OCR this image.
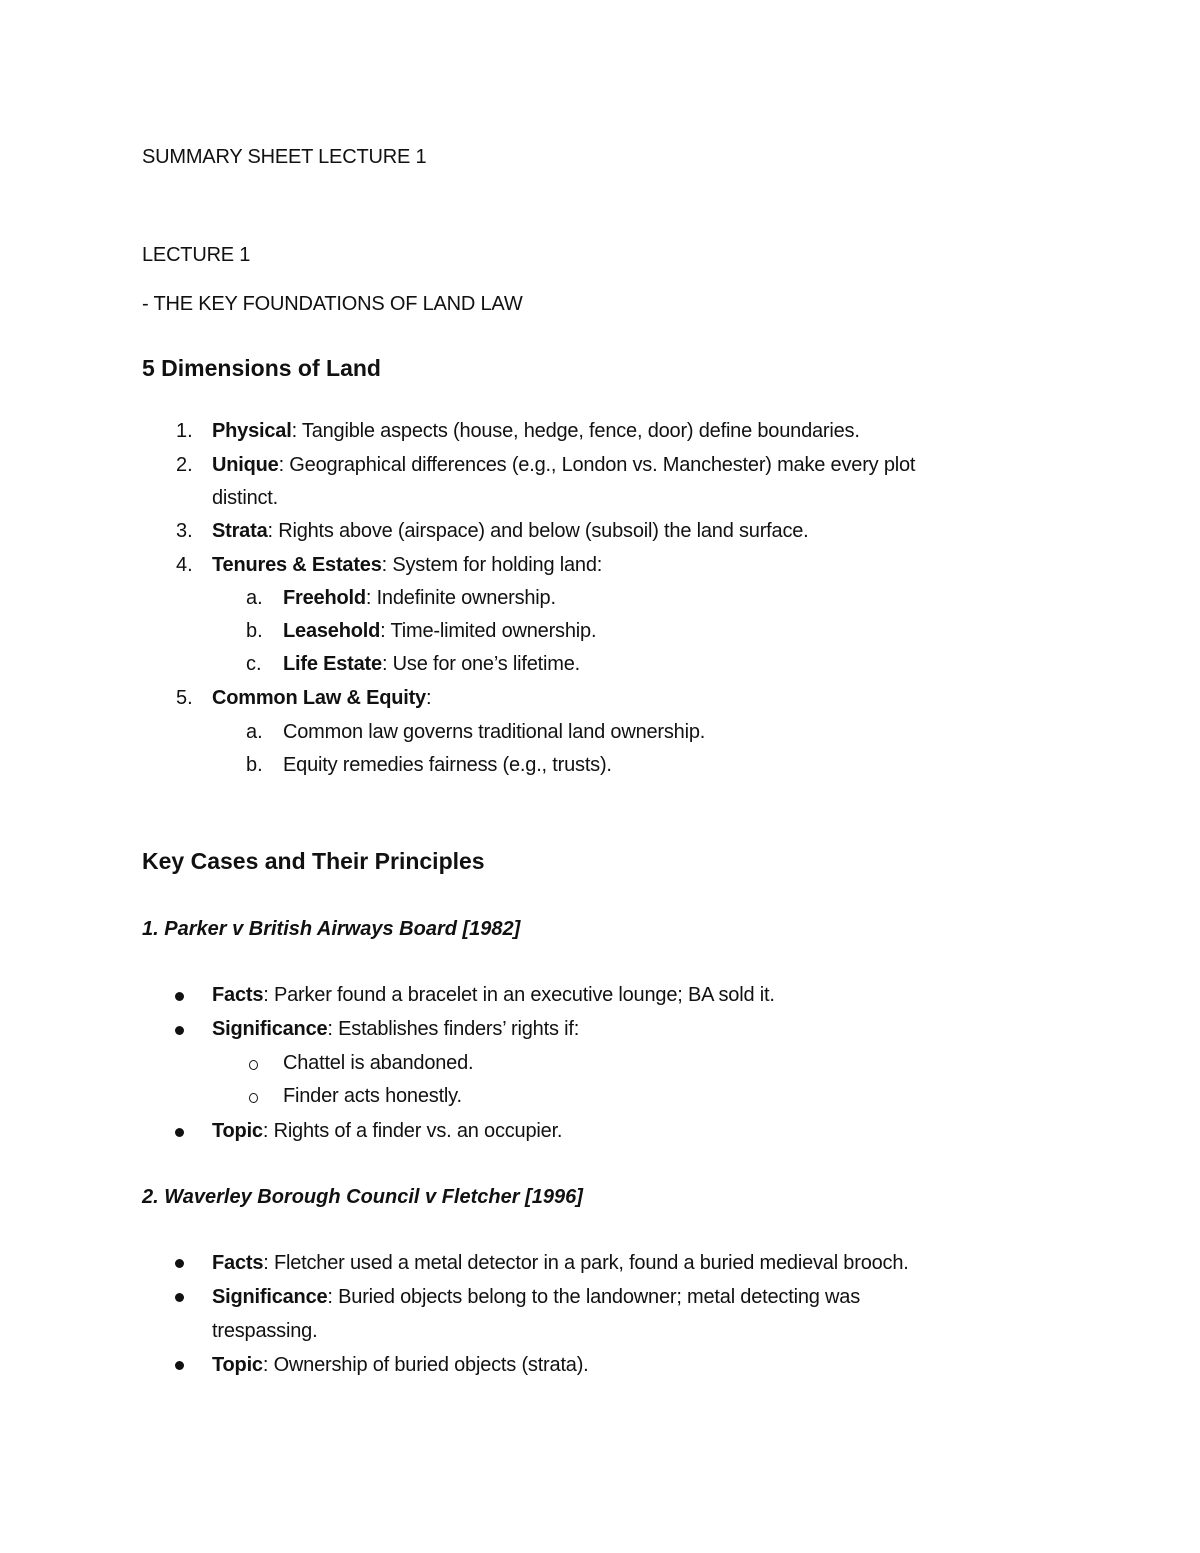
SUMMARY SHEET LECTURE 1
LECTURE 1
- THE KEY FOUNDATIONS OF LAND LAW
5 Dimensions of Land
1. Physical: Tangible aspects (house, hedge, fence, door) define boundaries.
2. Unique: Geographical differences (e.g., London vs. Manchester) make every plot
distinct.
3. Strata: Rights above (airspace) and below (subsoil) the land surface.
4. Tenures & Estates: System for holding land:
a. Freehold: Indefinite ownership.
b. Leasehold: Time-limited ownership.
c. Life Estate: Use for one’s lifetime.
5. Common Law & Equity:
a. Common law governs traditional land ownership.
b. Equity remedies fairness (e.g., trusts).
Key Cases and Their Principles
1. Parker v British Airways Board [1982]
Facts: Parker found a bracelet in an executive lounge; BA sold it.
Significance: Establishes finders’ rights if:
Chattel is abandoned.
Finder acts honestly.
Topic: Rights of a finder vs. an occupier.
2. Waverley Borough Council v Fletcher [1996]
Facts: Fletcher used a metal detector in a park, found a buried medieval brooch.
Significance: Buried objects belong to the landowner; metal detecting was
trespassing.
Topic: Ownership of buried objects (strata).
